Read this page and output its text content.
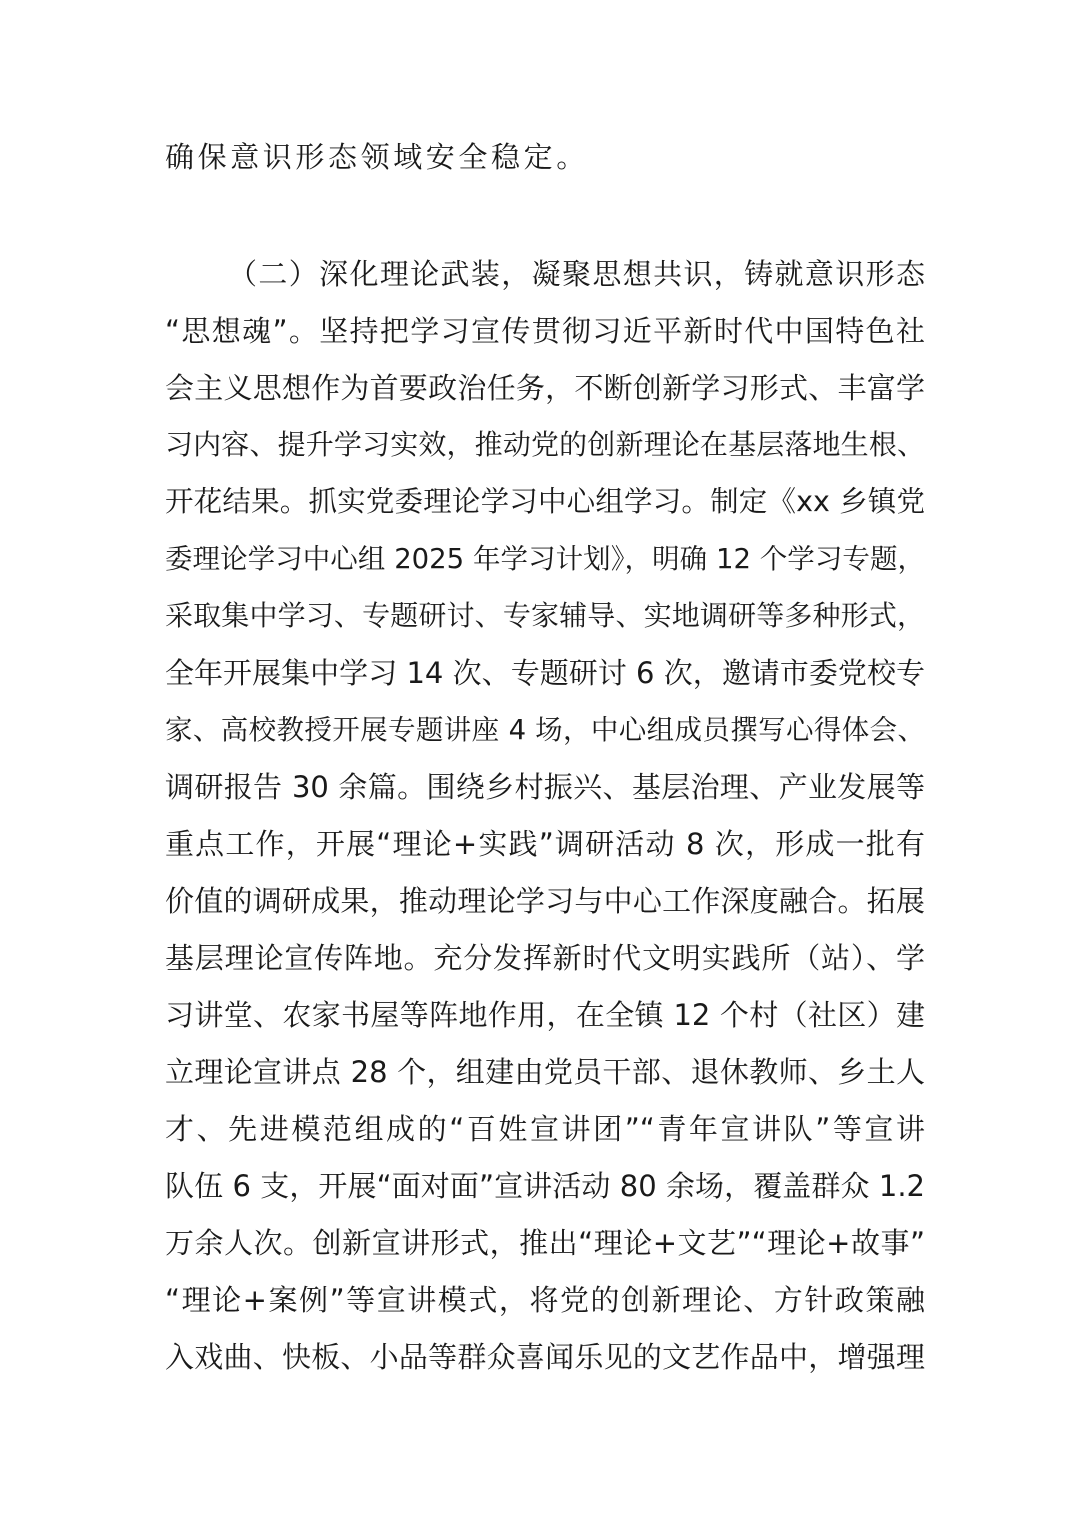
确保意识形态领域安全稳定。
（二）深化理论武装，凝聚思想共识，铸就意识形态
“思想魂”。坚持把学习宣传贯彻习近平新时代中国特色社
会主义思想作为首要政治任务，不断创新学习形式、丰富学
习内容、提升学习实效，推动党的创新理论在基层落地生根、
开花结果。抓实党委理论学习中心组学习。制定《xx 乡镇党
委理论学习中心组 2025 年学习计划》，明确 12 个学习专题，
采取集中学习、专题研讨、专家辅导、实地调研等多种形式，
全年开展集中学习 14 次、专题研讨 6 次，邀请市委党校专
家、高校教授开展专题讲座 4 场，中心组成员撰写心得体会、
调研报告 30 余篇。围绕乡村振兴、基层治理、产业发展等
重点工作，开展“理论+实践”调研活动 8 次，形成一批有
价值的调研成果，推动理论学习与中心工作深度融合。拓展
基层理论宣传阵地。充分发挥新时代文明实践所（站）、学
习讲堂、农家书屋等阵地作用，在全镇 12 个村（社区）建
立理论宣讲点 28 个，组建由党员干部、退休教师、乡土人
才、先进模范组成的“百姓宣讲团”“青年宣讲队”等宣讲
队伍 6 支，开展“面对面”宣讲活动 80 余场，覆盖群众 1.2
万余人次。创新宣讲形式，推出“理论+文艺”“理论+故事”
“理论+案例”等宣讲模式，将党的创新理论、方针政策融
入戏曲、快板、小品等群众喜闻乐见的文艺作品中，增强理
